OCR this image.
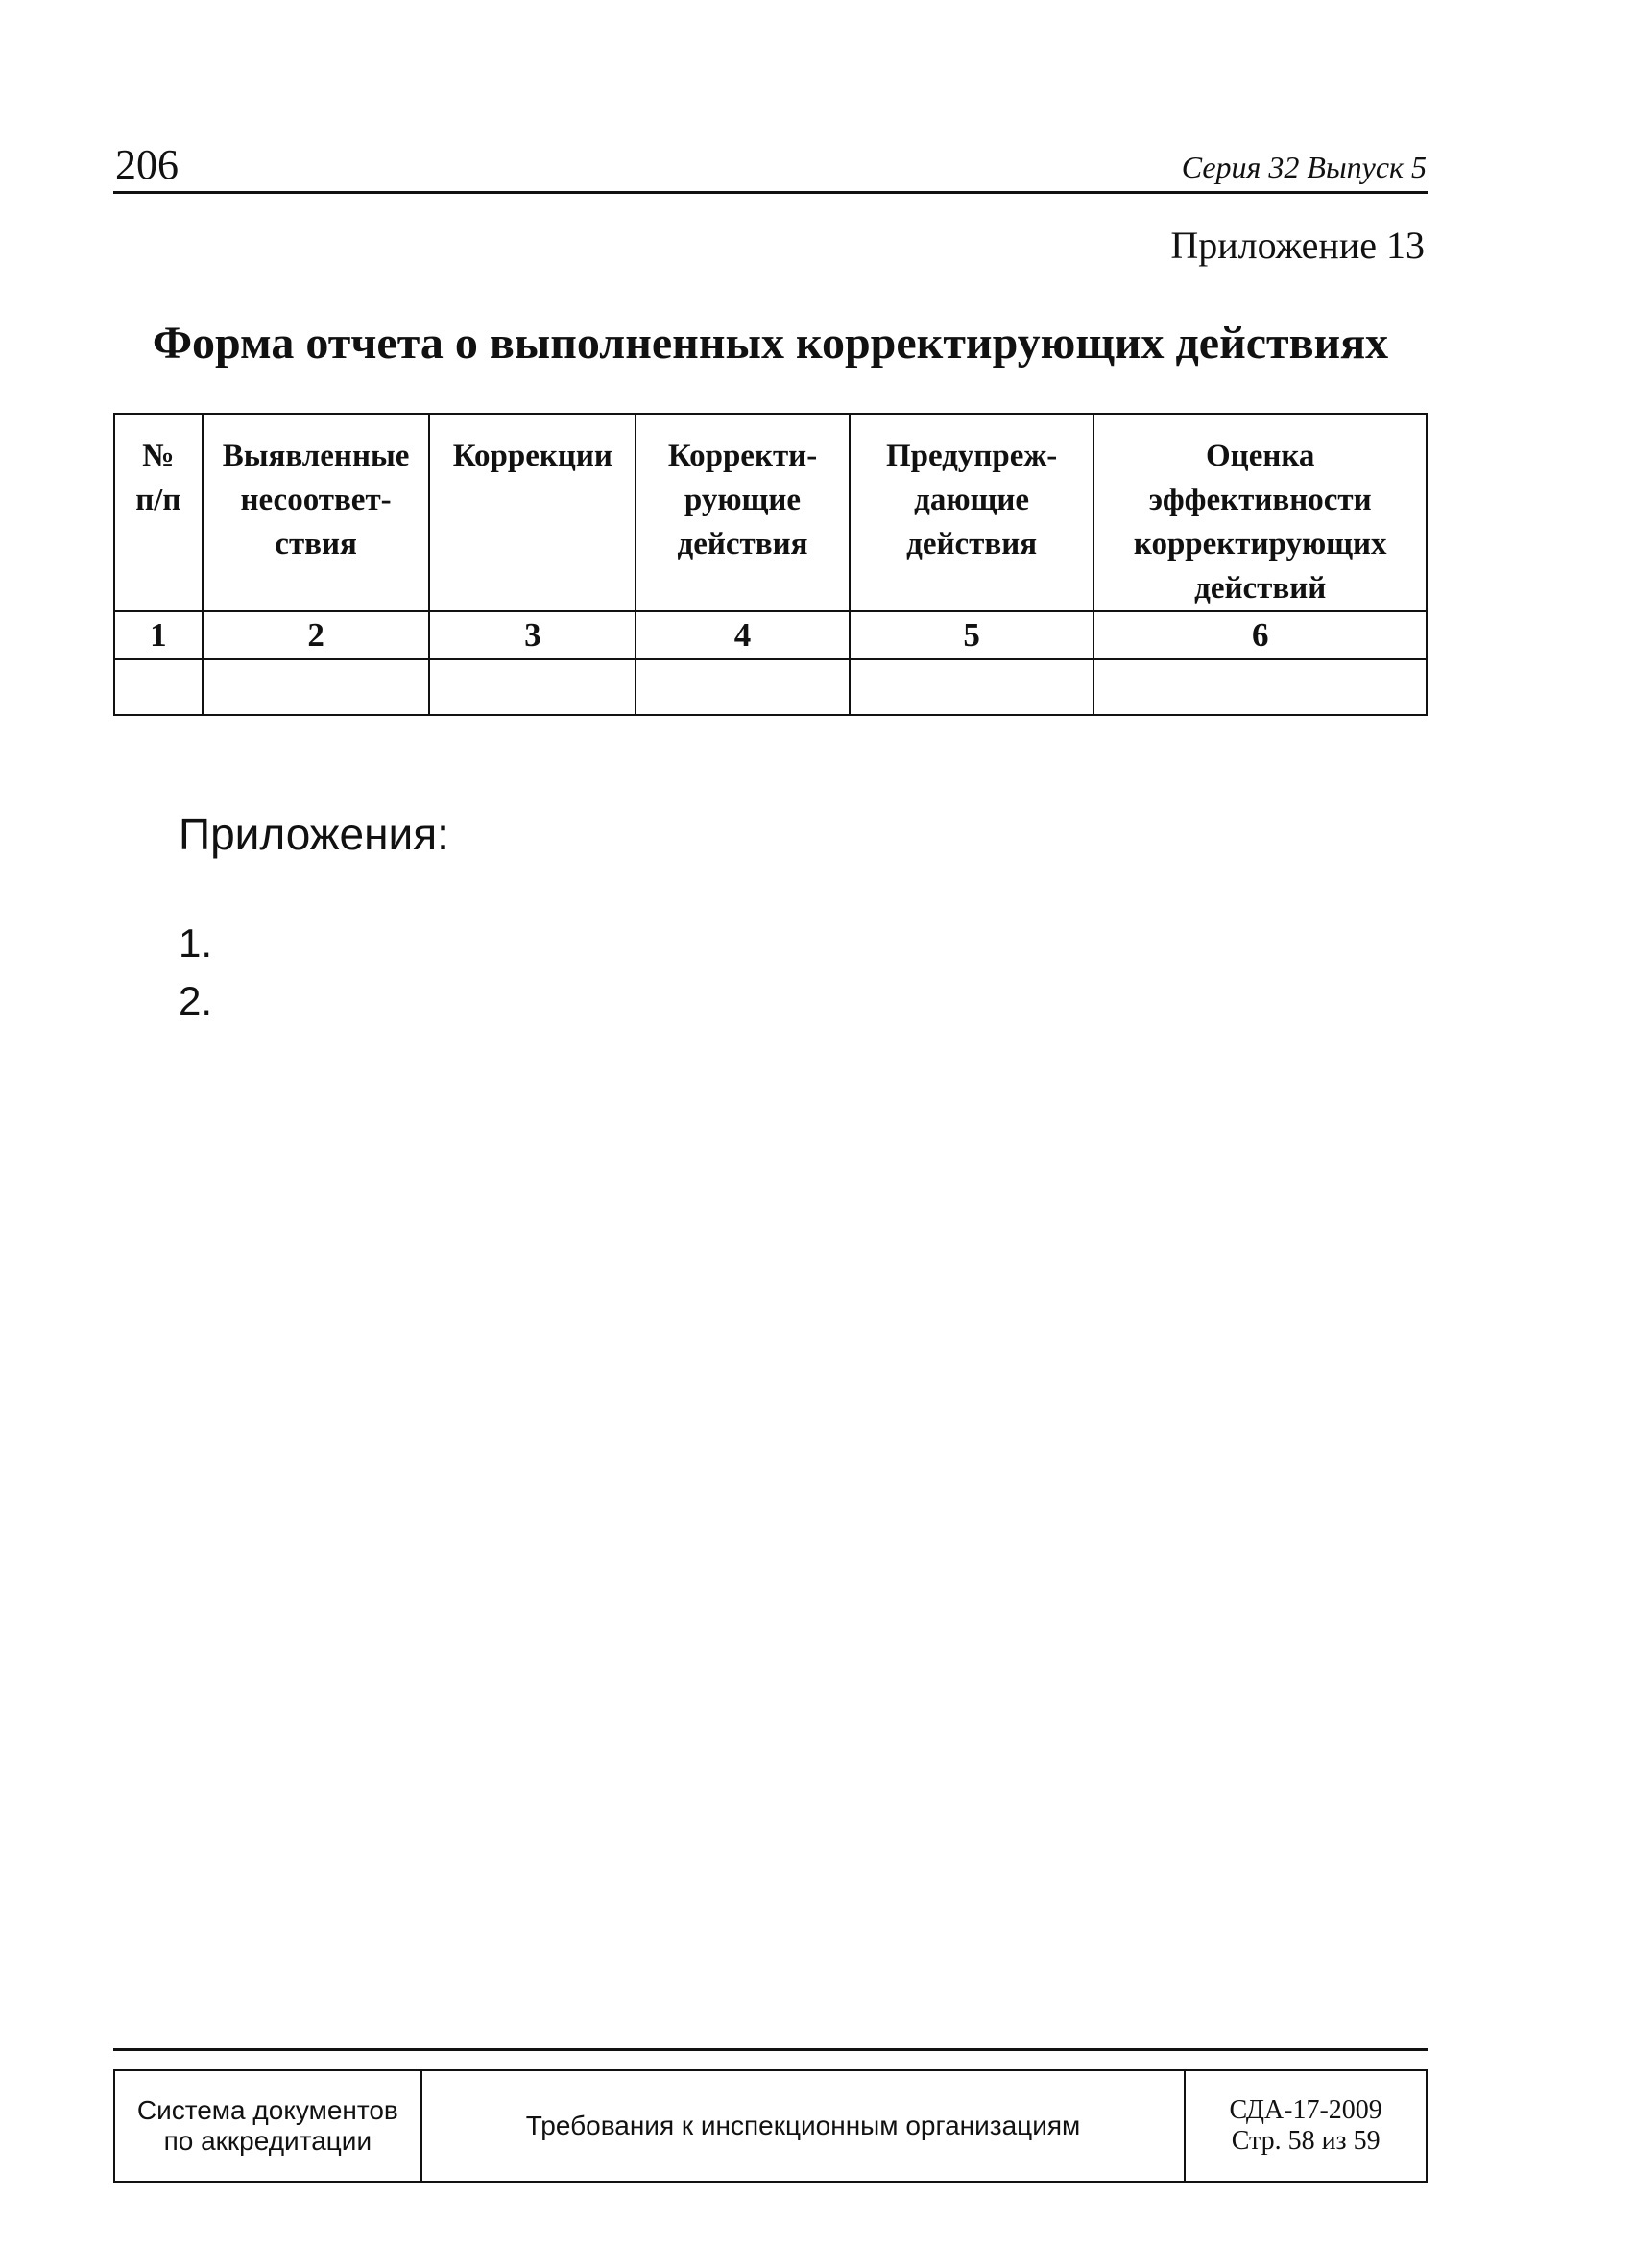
206	Серия 32 Выпуск 5
Приложение 13
Форма отчета о выполненных корректирующих действиях
№
п/п	Выявленные
несоответ-
ствия	Коррекции	Корректи-
рующие
действия	Предупреж-
дающие
действия	Оценка
эффективности
корректирующих
действий

1	2	3	4	5	6

Приложения:
1.
2.
Система документов
по аккредитации
	Требования к инспекционным организациям	
СДА-17-2009
Стр. 58 из 59
